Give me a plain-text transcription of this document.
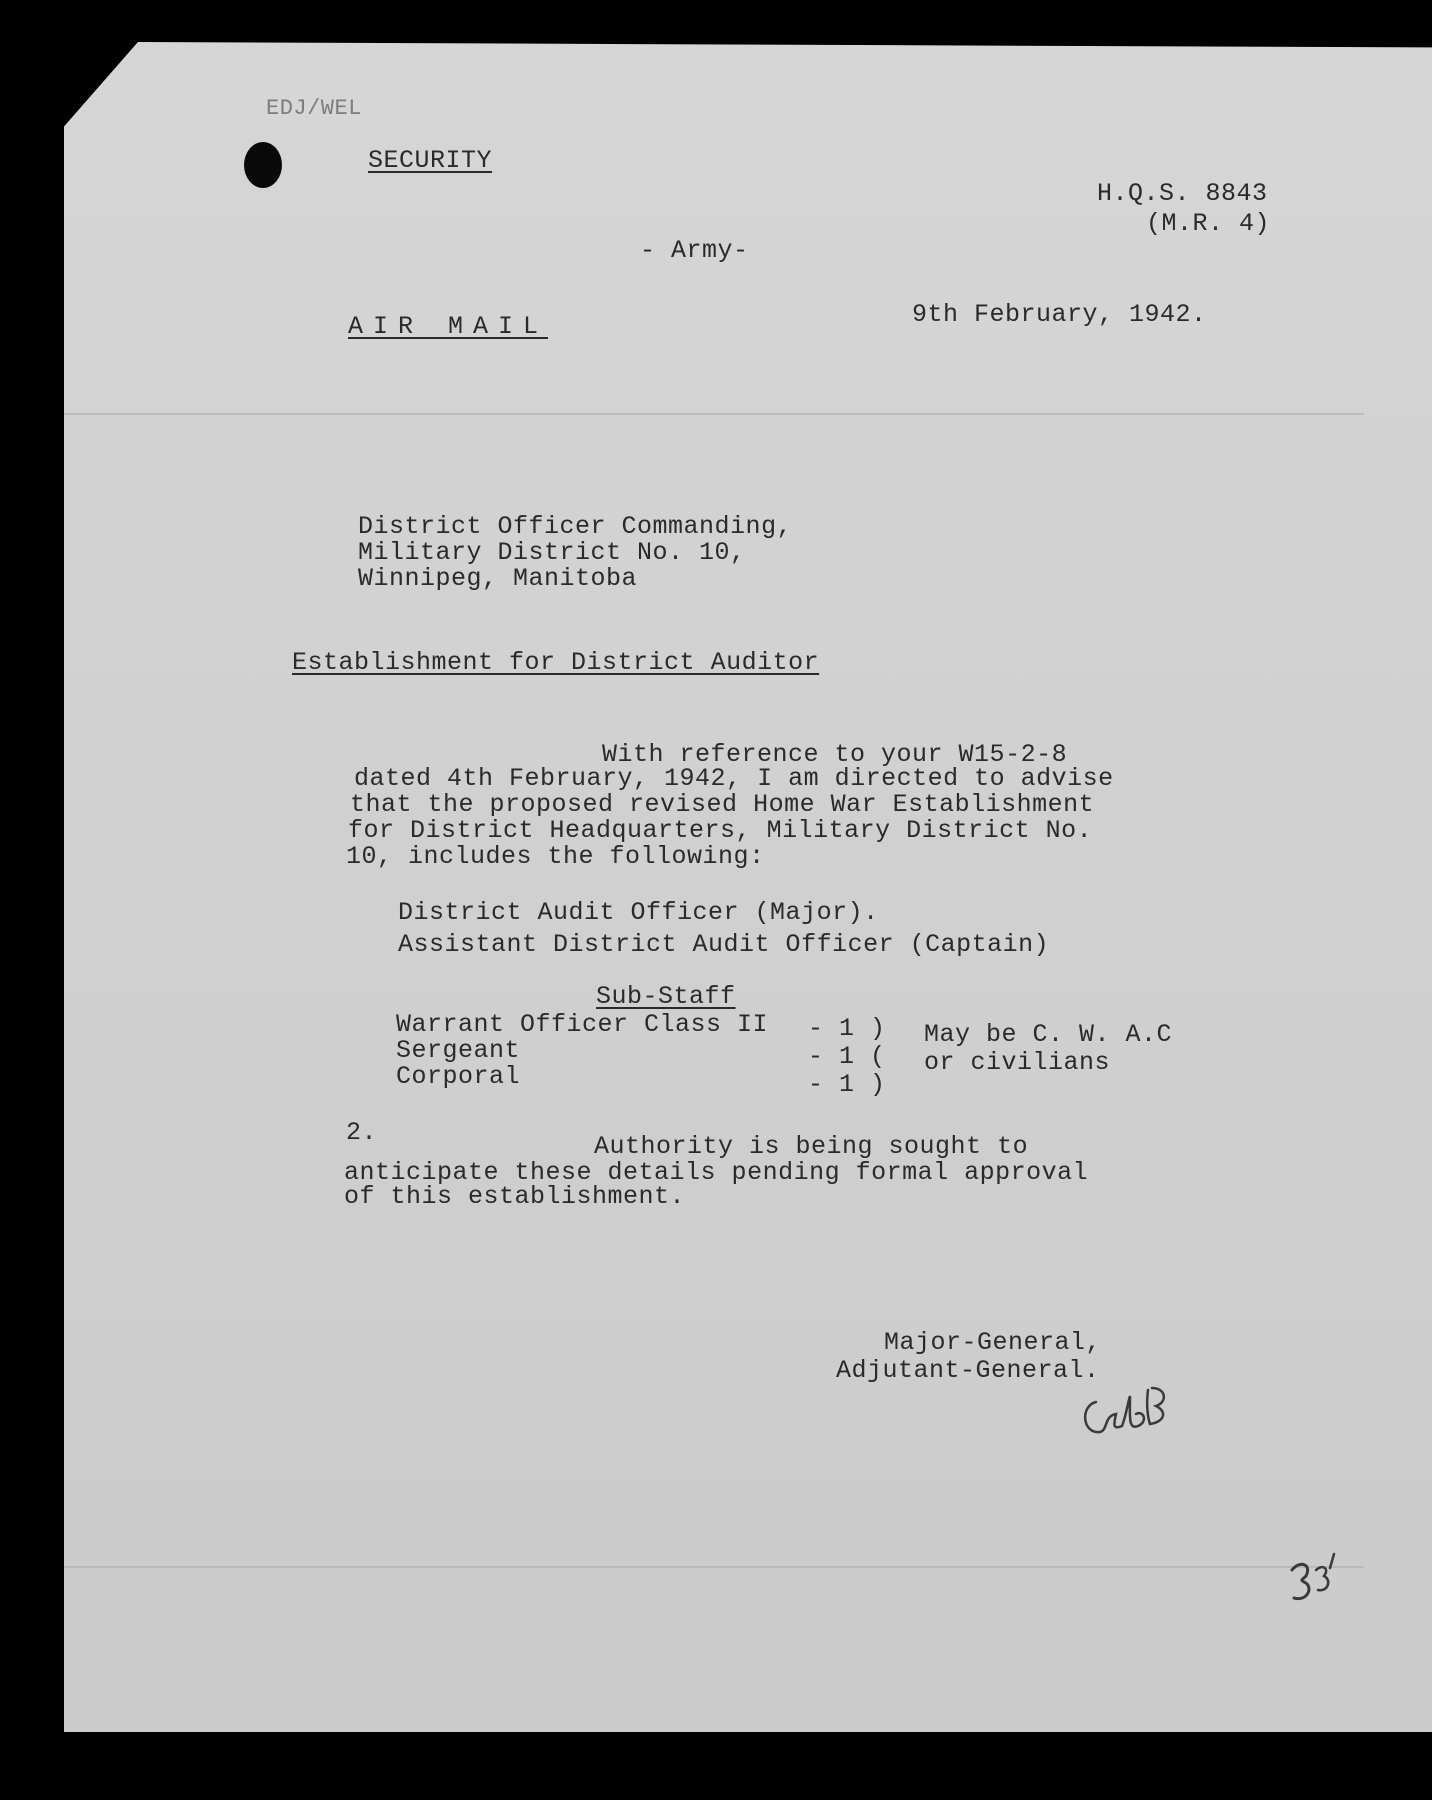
EDJ/WEL
SECURITY
H.Q.S. 8843
(M.R. 4)
- Army-
AIR MAIL	9th February, 1942.
District Officer Commanding,
Military District No. 10,
Winnipeg, Manitoba
Establishment for District Auditor
With reference to your W15-2-8
dated 4th February, 1942, I am directed to advise
that the proposed revised Home War Establishment
for District Headquarters, Military District No.
10, includes the following:
District Audit Officer (Major).
Assistant District Audit Officer (Captain)
Sub-Staff
Warrant Officer Class II - 1 ) May be C. W. A.C
Sergeant	- 1 ( or civilians
Corporal	- 1 )
2.	Authority is being sought to
anticipate these details pending formal approval
of this establishment.
Major-General,
Adjutant-General.
